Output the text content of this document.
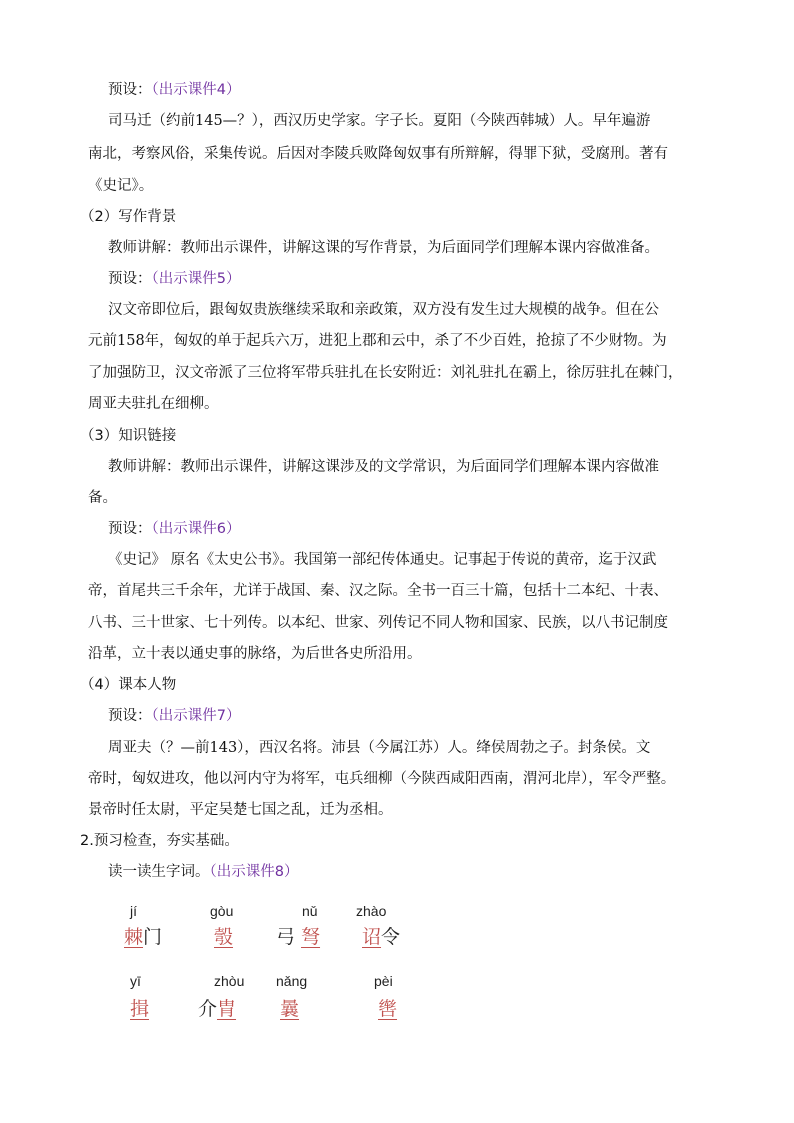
预设：（出示课件4）
司马迁（约前145—？），西汉历史学家。字子长。夏阳（今陕西韩城）人。早年遍游
南北，考察风俗，采集传说。后因对李陵兵败降匈奴事有所辩解，得罪下狱，受腐刑。著有
《史记》。
（2）写作背景
教师讲解：教师出示课件，讲解这课的写作背景，为后面同学们理解本课内容做准备。
预设：（出示课件5）
汉文帝即位后，跟匈奴贵族继续采取和亲政策，双方没有发生过大规模的战争。但在公
元前158年，匈奴的单于起兵六万，进犯上郡和云中，杀了不少百姓，抢掠了不少财物。为
了加强防卫，汉文帝派了三位将军带兵驻扎在长安附近：刘礼驻扎在霸上，徐厉驻扎在棘门，
周亚夫驻扎在细柳。
（3）知识链接
教师讲解：教师出示课件，讲解这课涉及的文学常识，为后面同学们理解本课内容做准
备。
预设：（出示课件6）
《史记》 原名《太史公书》。我国第一部纪传体通史。记事起于传说的黄帝，迄于汉武
帝，首尾共三千余年，尤详于战国、秦、汉之际。全书一百三十篇，包括十二本纪、十表、
八书、三十世家、七十列传。以本纪、世家、列传记不同人物和国家、民族，以八书记制度
沿革，立十表以通史事的脉络，为后世各史所沿用。
（4）课本人物
预设：（出示课件7）
周亚夫（？—前143），西汉名将。沛县（今属江苏）人。绛侯周勃之子。封条侯。文
帝时，匈奴进攻，他以河内守为将军，屯兵细柳（今陕西咸阳西南，渭河北岸），军令严整。
景帝时任太尉，平定吴楚七国之乱，迁为丞相。
2.预习检查，夯实基础。
读一读生字词。（出示课件8）
jí
棘门
gòu
彀
nǔ
弓 弩
zhào
诏令
yī
揖
zhòu
介胄
nǎng
曩
pèi
辔
